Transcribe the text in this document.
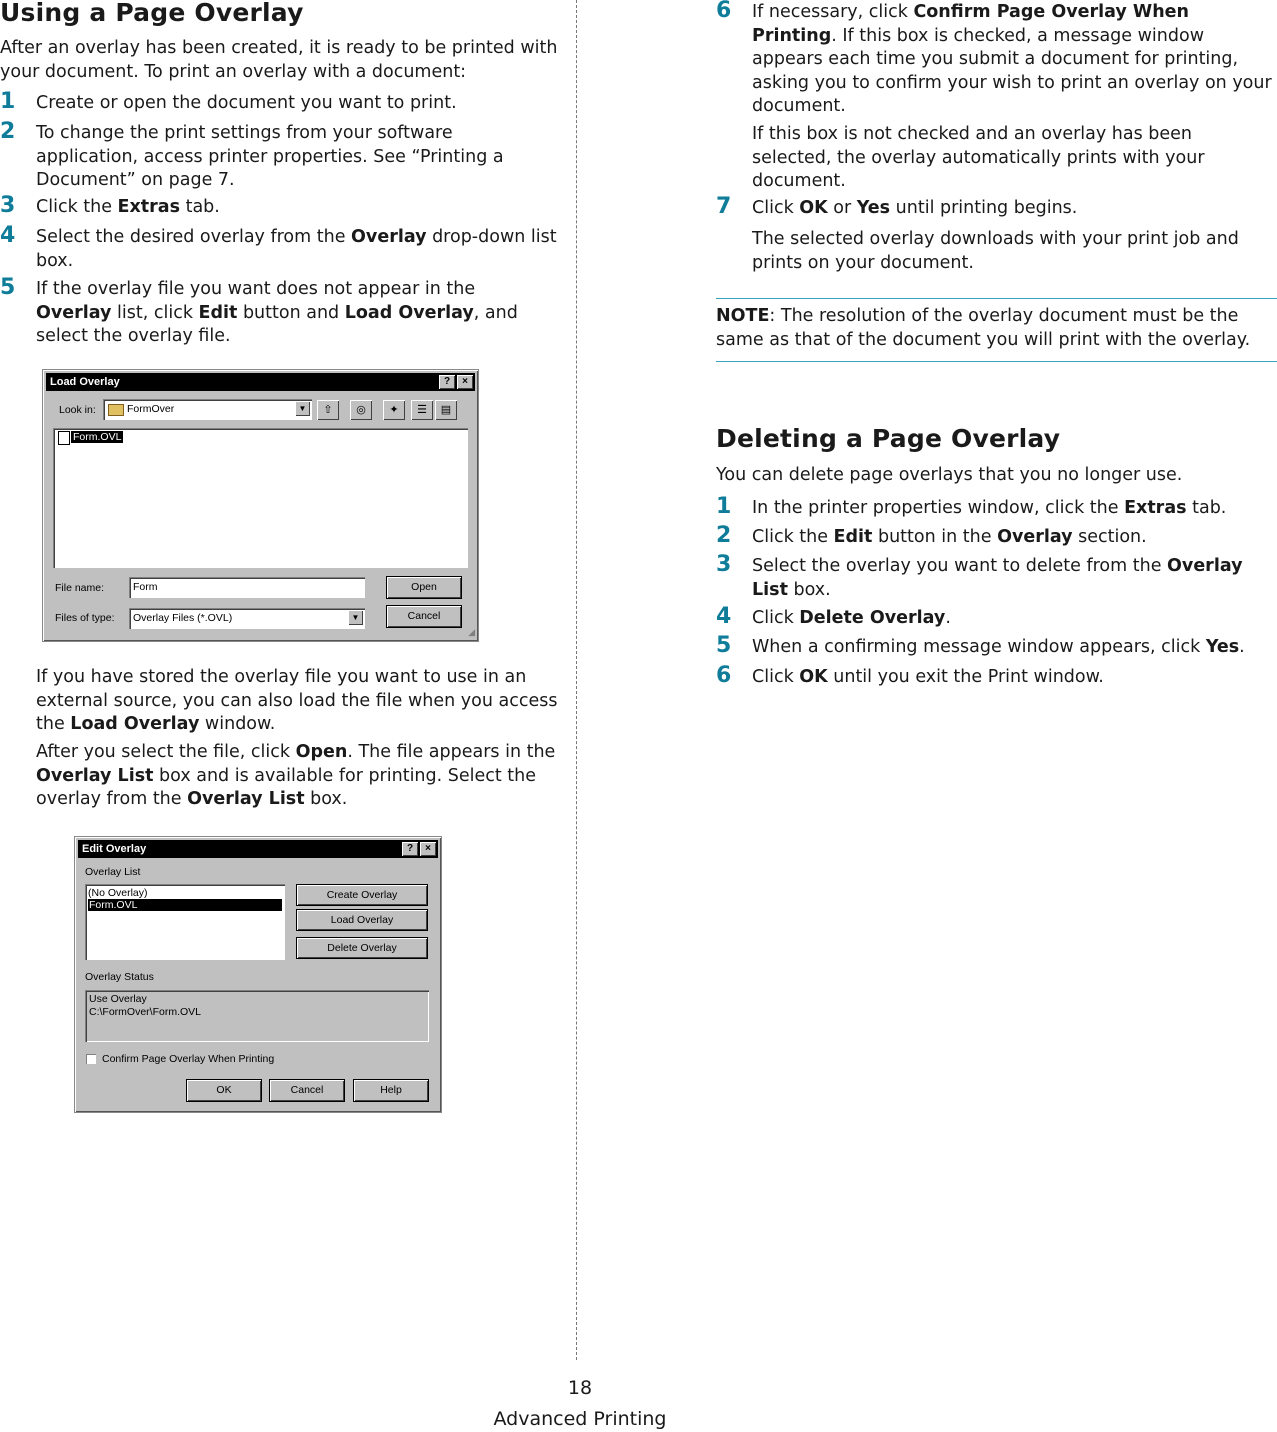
Using a Page Overlay

After an overlay has been created, it is ready to be printed with your document. To print an overlay with a document:

1 Create or open the document you want to print.
2 To change the print settings from your software application, access printer properties. See “Printing a Document” on page 7.
3 Click the Extras tab.
4 Select the desired overlay from the Overlay drop-down list box.
5 If the overlay file you want does not appear in the Overlay list, click Edit button and Load Overlay, and select the overlay file.
Load Overlay	?	×
Look in:	FormOver	▼	⇧	◎	✦	☰	▤
Form.OVL
File name:	Form
Files of type: Overlay Files (*.OVL)	▼
Open
Cancel
◢

If you have stored the overlay file you want to use in an external source, you can also load the file when you access the Load Overlay window.

After you select the file, click Open. The file appears in the Overlay List box and is available for printing. Select the overlay from the Overlay List box.

Edit Overlay	?	×
Overlay List
(No Overlay)
Form.OVL
Create Overlay
Load Overlay
Delete Overlay
Overlay Status
Use Overlay
C:\FormOver\Form.OVL
Confirm Page Overlay When Printing
OK	Cancel	Help
6 If necessary, click Confirm Page Overlay When Printing. If this box is checked, a message window appears each time you submit a document for printing, asking you to confirm your wish to print an overlay on your document.

If this box is not checked and an overlay has been selected, the overlay automatically prints with your document.

7 Click OK or Yes until printing begins.

The selected overlay downloads with your print job and prints on your document.

NOTE: The resolution of the overlay document must be the same as that of the document you will print with the overlay.

Deleting a Page Overlay

You can delete page overlays that you no longer use.

1 In the printer properties window, click the Extras tab.
2 Click the Edit button in the Overlay section.
3 Select the overlay you want to delete from the Overlay List box.
4 Click Delete Overlay.
5 When a confirming message window appears, click Yes.
6 Click OK until you exit the Print window.
18
Advanced Printing
